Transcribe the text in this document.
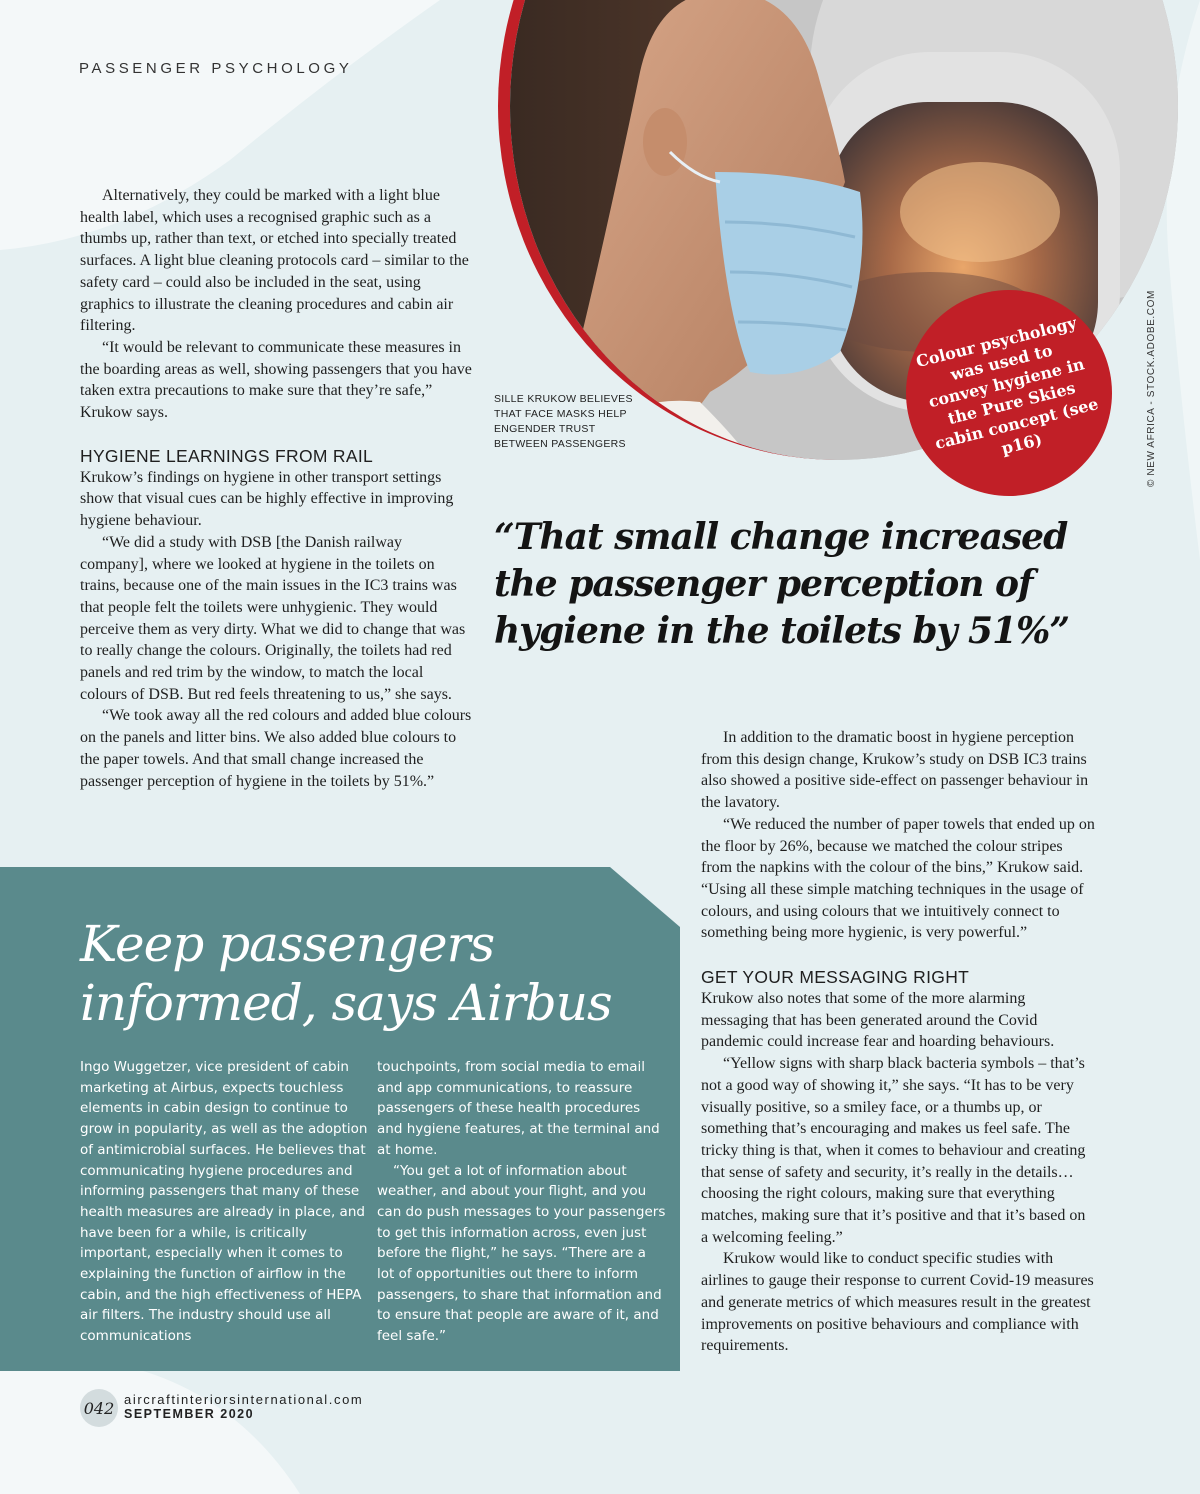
PASSENGER PSYCHOLOGY
SILLE KRUKOW BELIEVES THAT FACE MASKS HELP ENGENDER TRUST BETWEEN PASSENGERS
Colour psychology was used to convey hygiene in the Pure Skies cabin concept (see p16)	© NEW AFRICA - STOCK.ADOBE.COM

Alternatively, they could be marked with a light blue health label, which uses a recognised graphic such as a thumbs up, rather than text, or etched into specially treated surfaces. A light blue cleaning protocols card – similar to the safety card – could also be included in the seat, using graphics to illustrate the cleaning procedures and cabin air filtering.

“It would be relevant to communicate these measures in the boarding areas as well, showing passengers that you have taken extra precautions to make sure that they’re safe,” Krukow says.

HYGIENE LEARNINGS FROM RAIL

Krukow’s findings on hygiene in other transport settings show that visual cues can be highly effective in improving hygiene behaviour.

“We did a study with DSB [the Danish railway company], where we looked at hygiene in the toilets on trains, because one of the main issues in the IC3 trains was that people felt the toilets were unhygienic. They would perceive them as very dirty. What we did to change that was to really change the colours. Originally, the toilets had red panels and red trim by the window, to match the local colours of DSB. But red feels threatening to us,” she says.

“We took away all the red colours and added blue colours on the panels and litter bins. We also added blue colours to the paper towels. And that small change increased the passenger perception of hygiene in the toilets by 51%.”

“That small change increased the passenger perception of hygiene in the toilets by 51%”

In addition to the dramatic boost in hygiene perception from this design change, Krukow’s study on DSB IC3 trains also showed a positive side-effect on passenger behaviour in the lavatory.

“We reduced the number of paper towels that ended up on the floor by 26%, because we matched the colour stripes from the napkins with the colour of the bins,” Krukow said. “Using all these simple matching techniques in the usage of colours, and using colours that we intuitively connect to something being more hygienic, is very powerful.”

GET YOUR MESSAGING RIGHT

Krukow also notes that some of the more alarming messaging that has been generated around the Covid pandemic could increase fear and hoarding behaviours.

“Yellow signs with sharp black bacteria symbols – that’s not a good way of showing it,” she says. “It has to be very visually positive, so a smiley face, or a thumbs up, or something that’s encouraging and makes us feel safe. The tricky thing is that, when it comes to behaviour and creating that sense of safety and security, it’s really in the details… choosing the right colours, making sure that everything matches, making sure that it’s positive and that it’s based on a welcoming feeling.”

Krukow would like to conduct specific studies with airlines to gauge their response to current Covid-19 measures and generate metrics of which measures result in the greatest improvements on positive behaviours and compliance with requirements.

Keep passengers informed, says Airbus

Ingo Wuggetzer, vice president of cabin marketing at Airbus, expects touchless elements in cabin design to continue to grow in popularity, as well as the adoption of antimicrobial surfaces. He believes that communicating hygiene procedures and informing passengers that many of these health measures are already in place, and have been for a while, is critically important, especially when it comes to explaining the function of airflow in the cabin, and the high effectiveness of HEPA air filters. The industry should use all communications

touchpoints, from social media to email and app communications, to reassure passengers of these health procedures and hygiene features, at the terminal and at home.

“You get a lot of information about weather, and about your flight, and you can do push messages to your passengers to get this information across, even just before the flight,” he says. “There are a lot of opportunities out there to inform passengers, to share that information and to ensure that people are aware of it, and feel safe.”

042 aircraftinteriorsinternational.com
SEPTEMBER 2020
